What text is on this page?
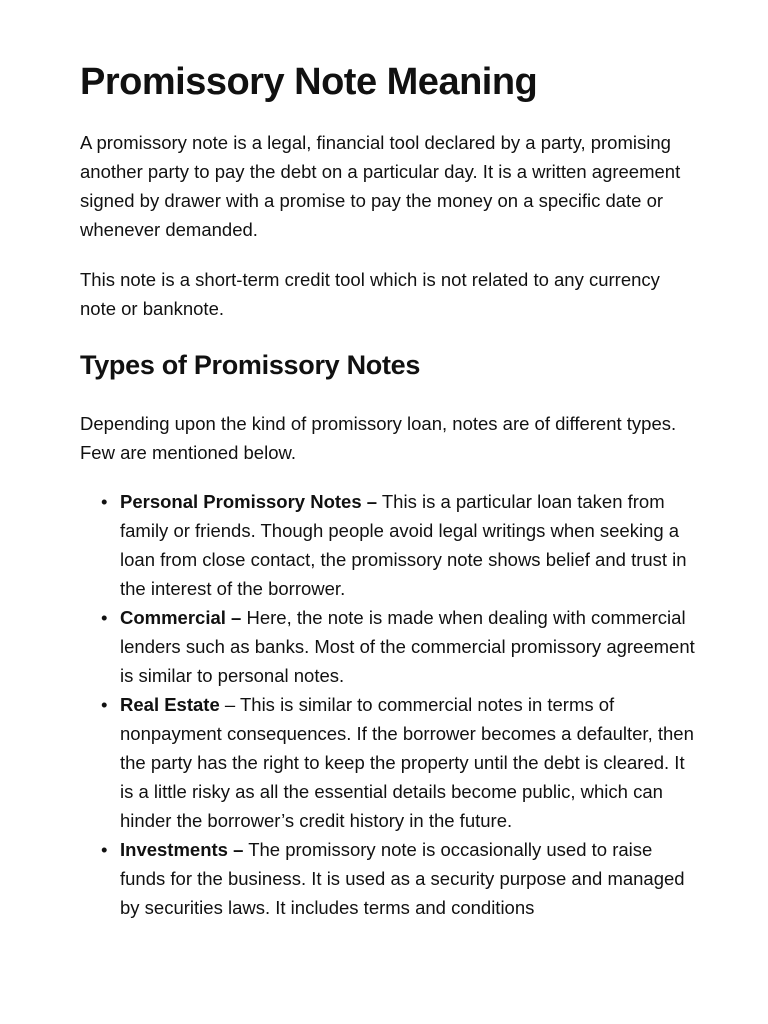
Promissory Note Meaning

A promissory note is a legal, financial tool declared by a party, promising another party to pay the debt on a particular day. It is a written agreement signed by drawer with a promise to pay the money on a specific date or whenever demanded.

This note is a short-term credit tool which is not related to any currency note or banknote.

Types of Promissory Notes

Depending upon the kind of promissory loan, notes are of different types. Few are mentioned below.

• Personal Promissory Notes – This is a particular loan taken from family or friends. Though people avoid legal writings when seeking a loan from close contact, the promissory note shows belief and trust in the interest of the borrower.
• Commercial – Here, the note is made when dealing with commercial lenders such as banks. Most of the commercial promissory agreement is similar to personal notes.
• Real Estate – This is similar to commercial notes in terms of nonpayment consequences. If the borrower becomes a defaulter, then the party has the right to keep the property until the debt is cleared. It is a little risky as all the essential details become public, which can hinder the borrower’s credit history in the future.
• Investments – The promissory note is occasionally used to raise funds for the business. It is used as a security purpose and managed by securities laws. It includes terms and conditions
